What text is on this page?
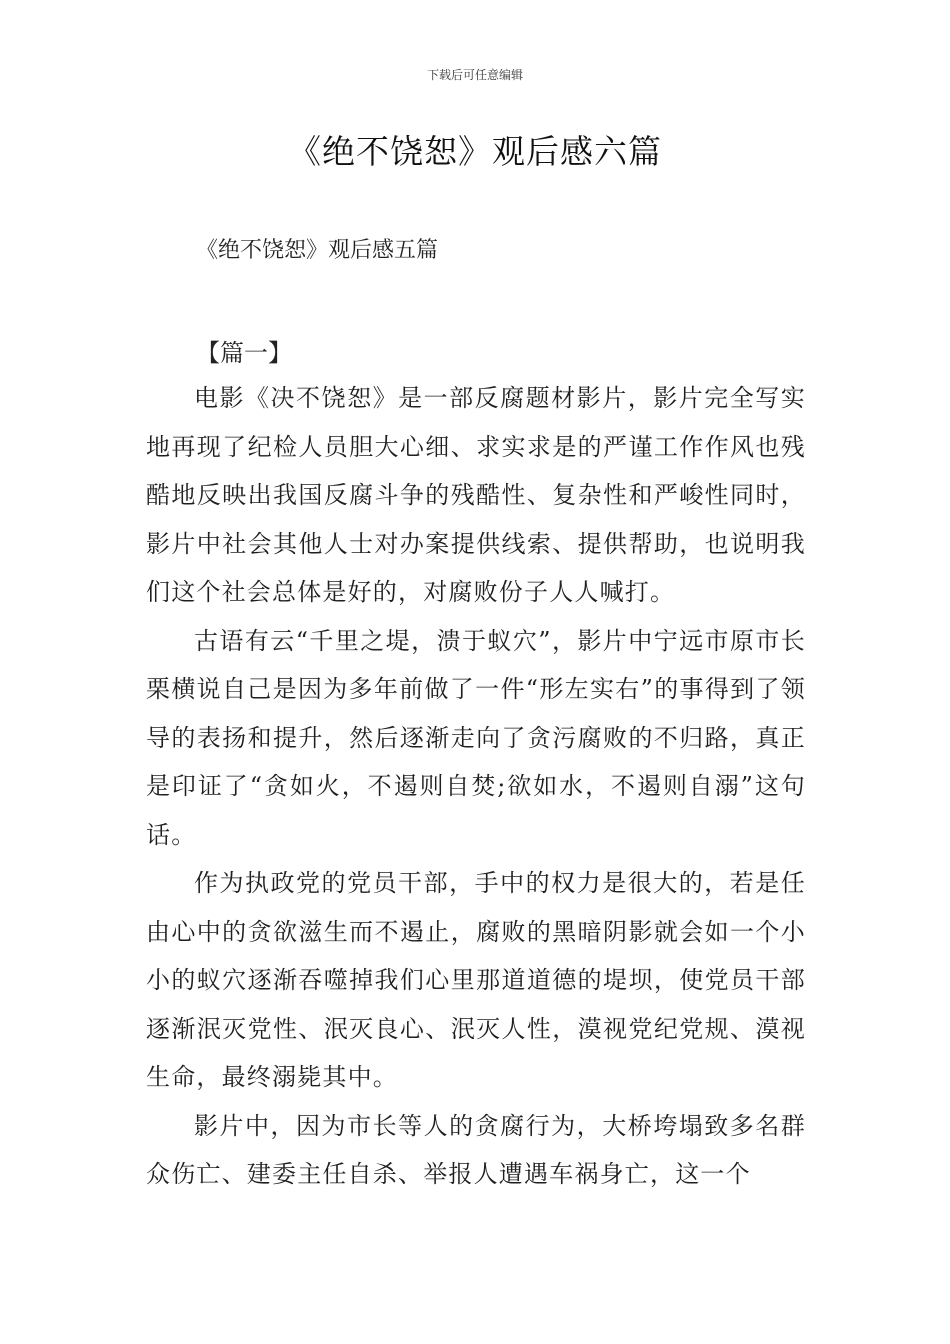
下载后可任意编辑
《绝不饶恕》观后感六篇
《绝不饶恕》观后感五篇
【篇一】

电影《决不饶恕》是一部反腐题材影片，影片完全写实地再现了纪检人员胆大心细、求实求是的严谨工作作风也残酷地反映出我国反腐斗争的残酷性、复杂性和严峻性同时，影片中社会其他人士对办案提供线索、提供帮助，也说明我们这个社会总体是好的，对腐败份子人人喊打。

古语有云“千里之堤，溃于蚁穴”，影片中宁远市原市长栗横说自己是因为多年前做了一件“形左实右”的事得到了领导的表扬和提升，然后逐渐走向了贪污腐败的不归路，真正是印证了“贪如火，不遏则自焚;欲如水，不遏则自溺”这句话。

作为执政党的党员干部，手中的权力是很大的，若是任由心中的贪欲滋生而不遏止，腐败的黑暗阴影就会如一个小小的蚁穴逐渐吞噬掉我们心里那道道德的堤坝，使党员干部逐渐泯灭党性、泯灭良心、泯灭人性，漠视党纪党规、漠视生命，最终溺毙其中。

影片中，因为市长等人的贪腐行为，大桥垮塌致多名群众伤亡、建委主任自杀、举报人遭遇车祸身亡，这一个
